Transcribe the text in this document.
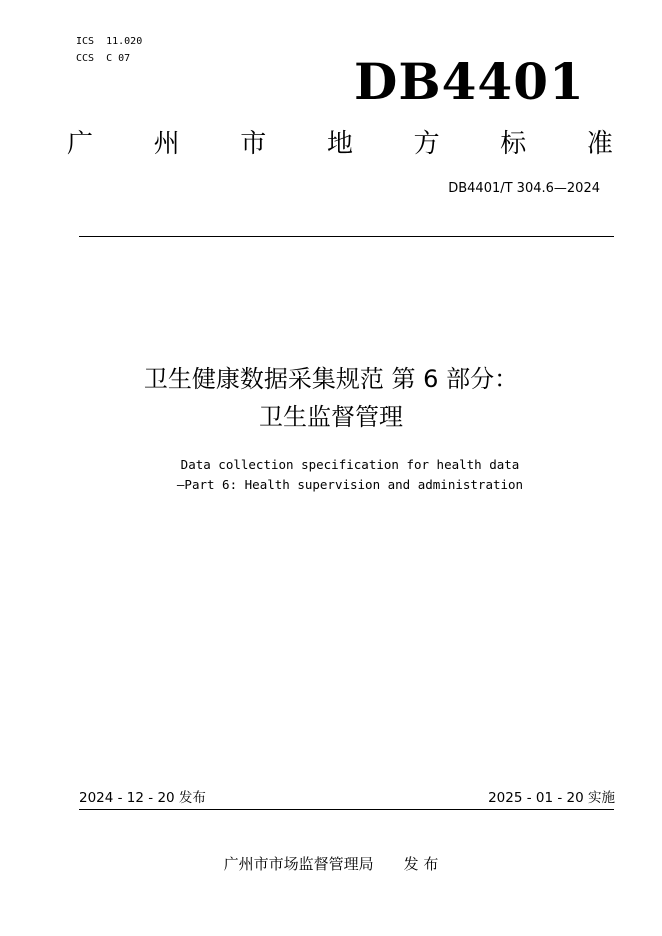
ICS  11.020
CCS  C 07	DB4401
广 州 市 地 方 标 准
DB4401/T 304.6—2024
卫生健康数据采集规范 第 6 部分：
卫生监督管理
Data collection specification for health data
—Part 6: Health supervision and administration
2024 - 12 - 20 发布	2025 - 01 - 20 实施
广州市市场监督管理局 发 布
